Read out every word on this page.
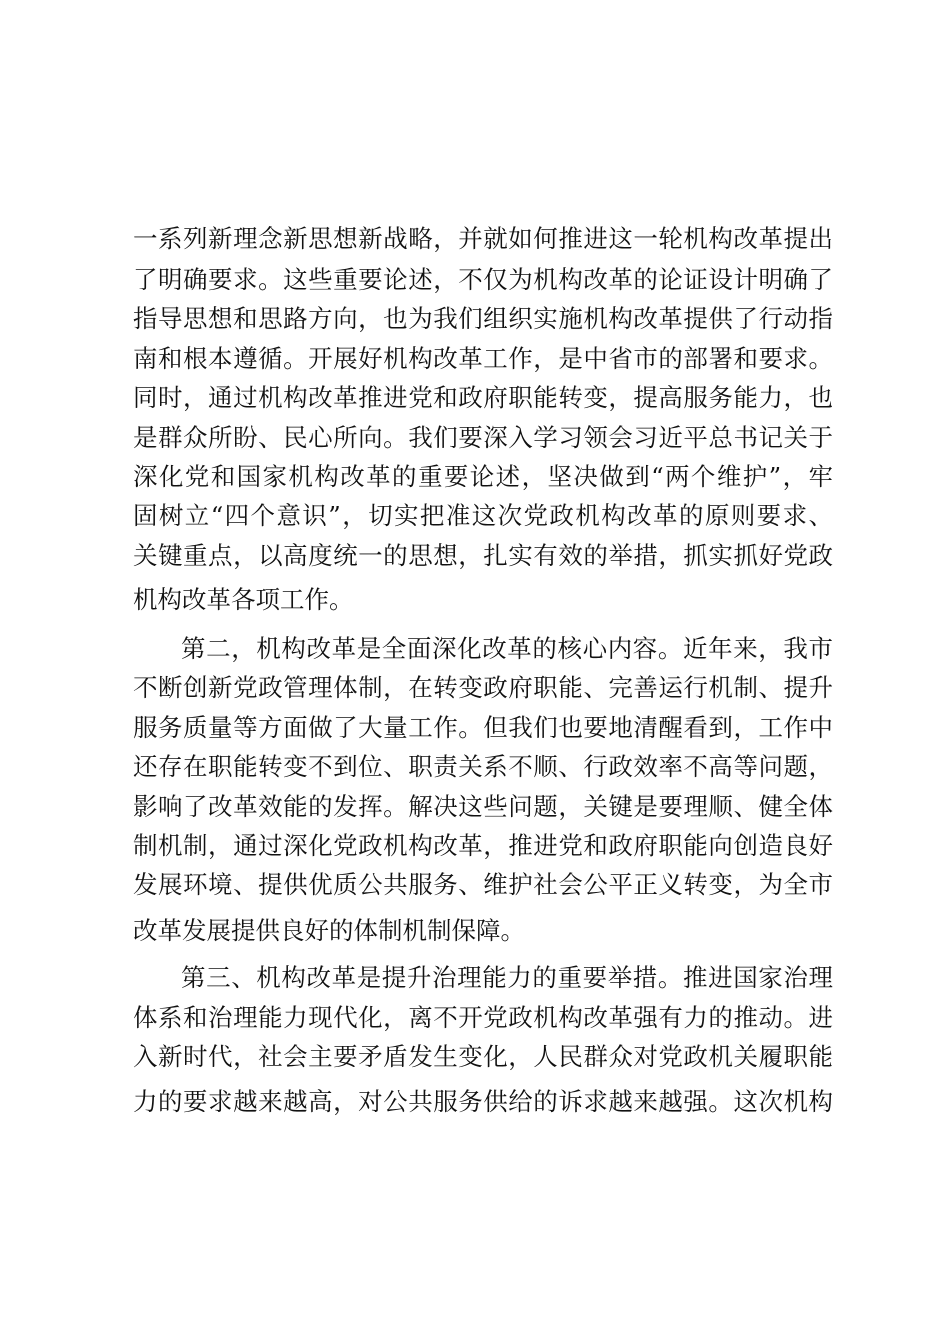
一系列新理念新思想新战略，并就如何推进这一轮机构改革提出
了明确要求。这些重要论述，不仅为机构改革的论证设计明确了
指导思想和思路方向，也为我们组织实施机构改革提供了行动指
南和根本遵循。开展好机构改革工作，是中省市的部署和要求。
同时，通过机构改革推进党和政府职能转变，提高服务能力，也
是群众所盼、民心所向。我们要深入学习领会习近平总书记关于
深化党和国家机构改革的重要论述，坚决做到“两个维护”，牢
固树立“四个意识”，切实把准这次党政机构改革的原则要求、
关键重点，以高度统一的思想，扎实有效的举措，抓实抓好党政
机构改革各项工作。
第二，机构改革是全面深化改革的核心内容。近年来，我市
不断创新党政管理体制，在转变政府职能、完善运行机制、提升
服务质量等方面做了大量工作。但我们也要地清醒看到，工作中
还存在职能转变不到位、职责关系不顺、行政效率不高等问题，
影响了改革效能的发挥。解决这些问题，关键是要理顺、健全体
制机制，通过深化党政机构改革，推进党和政府职能向创造良好
发展环境、提供优质公共服务、维护社会公平正义转变，为全市
改革发展提供良好的体制机制保障。
第三、机构改革是提升治理能力的重要举措。推进国家治理
体系和治理能力现代化，离不开党政机构改革强有力的推动。进
入新时代，社会主要矛盾发生变化，人民群众对党政机关履职能
力的要求越来越高，对公共服务供给的诉求越来越强。这次机构
